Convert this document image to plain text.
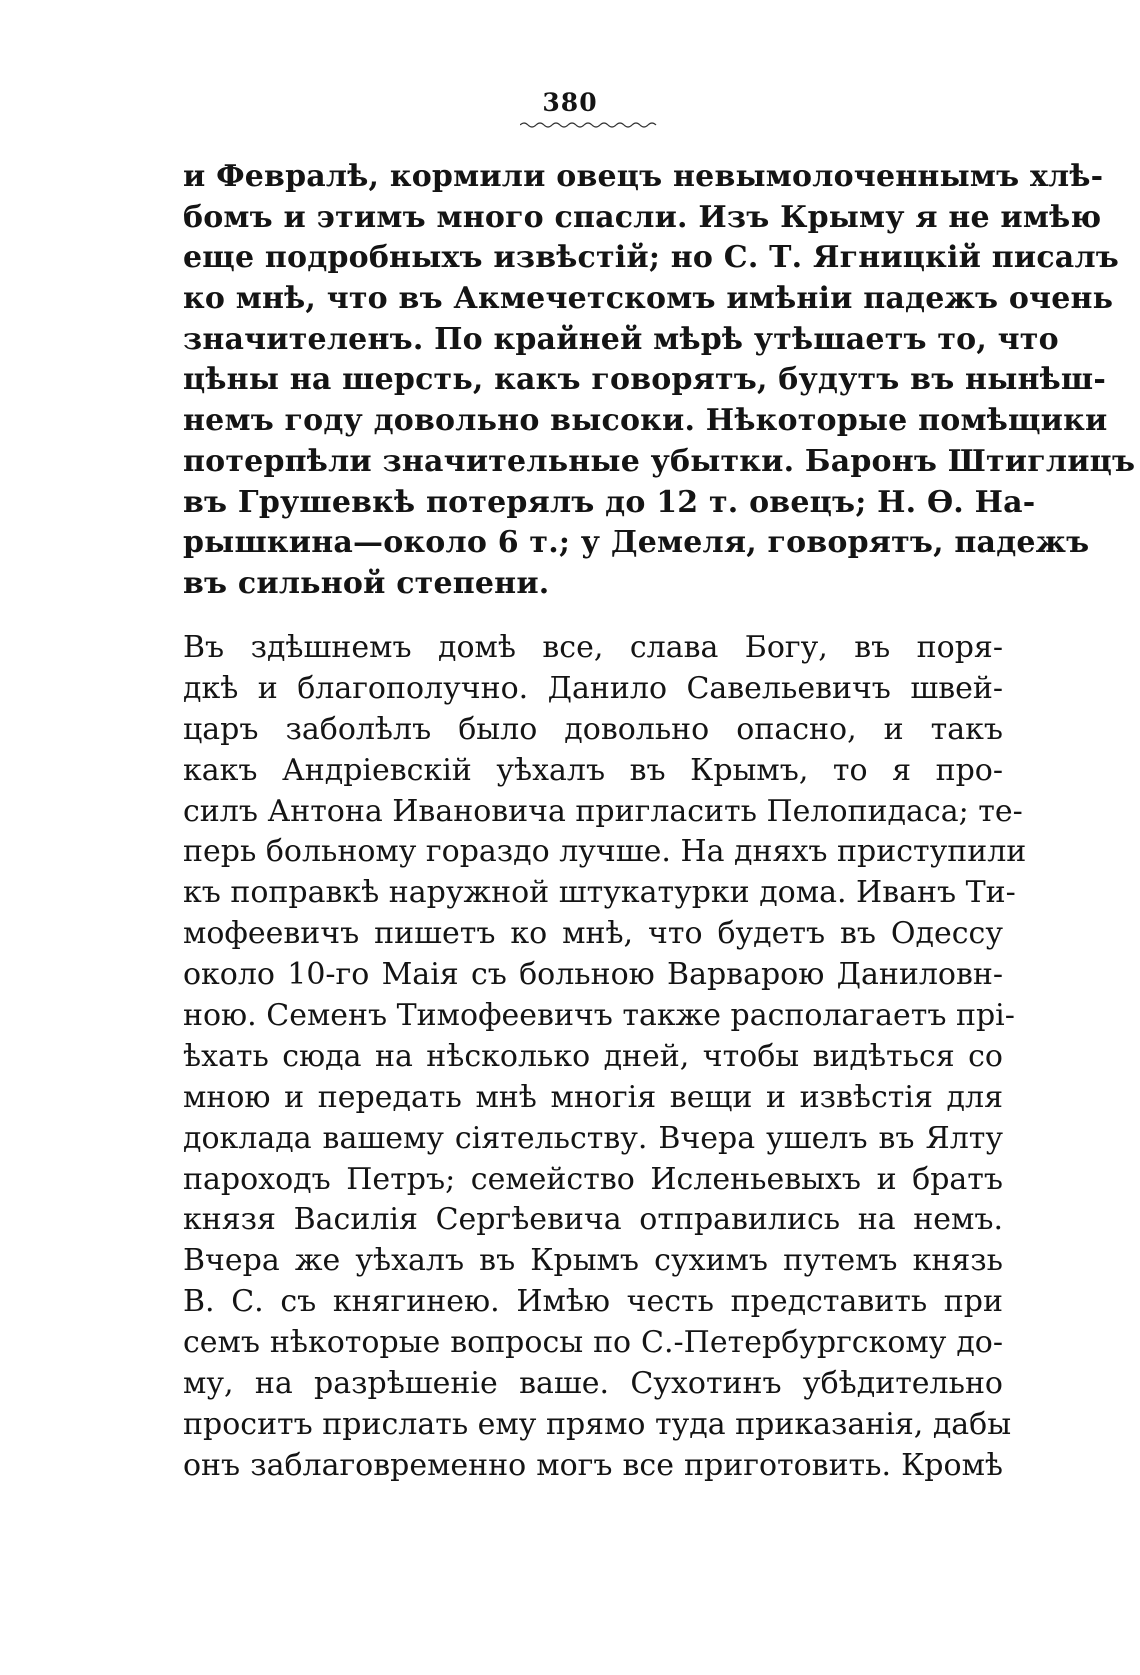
380
и Февралѣ, кормили овецъ невымолоченнымъ хлѣ-
бомъ и этимъ много спасли. Изъ Крыму я не имѣю
еще подробныхъ извѣстій; но С. Т. Ягницкій писалъ
ко мнѣ, что въ Акмечетскомъ имѣніи падежъ очень
значителенъ. По крайней мѣрѣ утѣшаетъ то, что
цѣны на шерсть, какъ говорятъ, будутъ въ нынѣш-
немъ году довольно высоки. Нѣкоторые помѣщики
потерпѣли значительные убытки. Баронъ Штиглицъ
въ Грушевкѣ потерялъ до 12 т. овецъ; Н. Ө. На-
рышкина—около 6 т.; у Демеля, говорятъ, падежъ
въ сильной степени.
Въ здѣшнемъ домѣ все, слава Богу, въ поря-
дкѣ и благополучно. Данило Савельевичъ швей-
царъ заболѣлъ было довольно опасно, и такъ
какъ Андріевскій уѣхалъ въ Крымъ, то я про-
силъ Антона Ивановича пригласить Пелопидаса; те-
перь больному гораздо лучше. На дняхъ приступили
къ поправкѣ наружной штукатурки дома. Иванъ Ти-
мофеевичъ пишетъ ко мнѣ, что будетъ въ Одессу
около 10-го Маія съ больною Варварою Даниловн-
ною. Семенъ Тимофеевичъ также располагаетъ прі-
ѣхать сюда на нѣсколько дней, чтобы видѣться со
мною и передать мнѣ многія вещи и извѣстія для
доклада вашему сіятельству. Вчера ушелъ въ Ялту
пароходъ Петръ; семейство Исленьевыхъ и братъ
князя Василія Сергѣевича отправились на немъ.
Вчера же уѣхалъ въ Крымъ сухимъ путемъ князь
В. С. съ княгинею. Имѣю честь представить при
семъ нѣкоторые вопросы по С.-Петербургскому до-
му, на разрѣшеніе ваше. Сухотинъ убѣдительно
проситъ прислать ему прямо туда приказанія, дабы
онъ заблаговременно могъ все приготовить. Кромѣ
